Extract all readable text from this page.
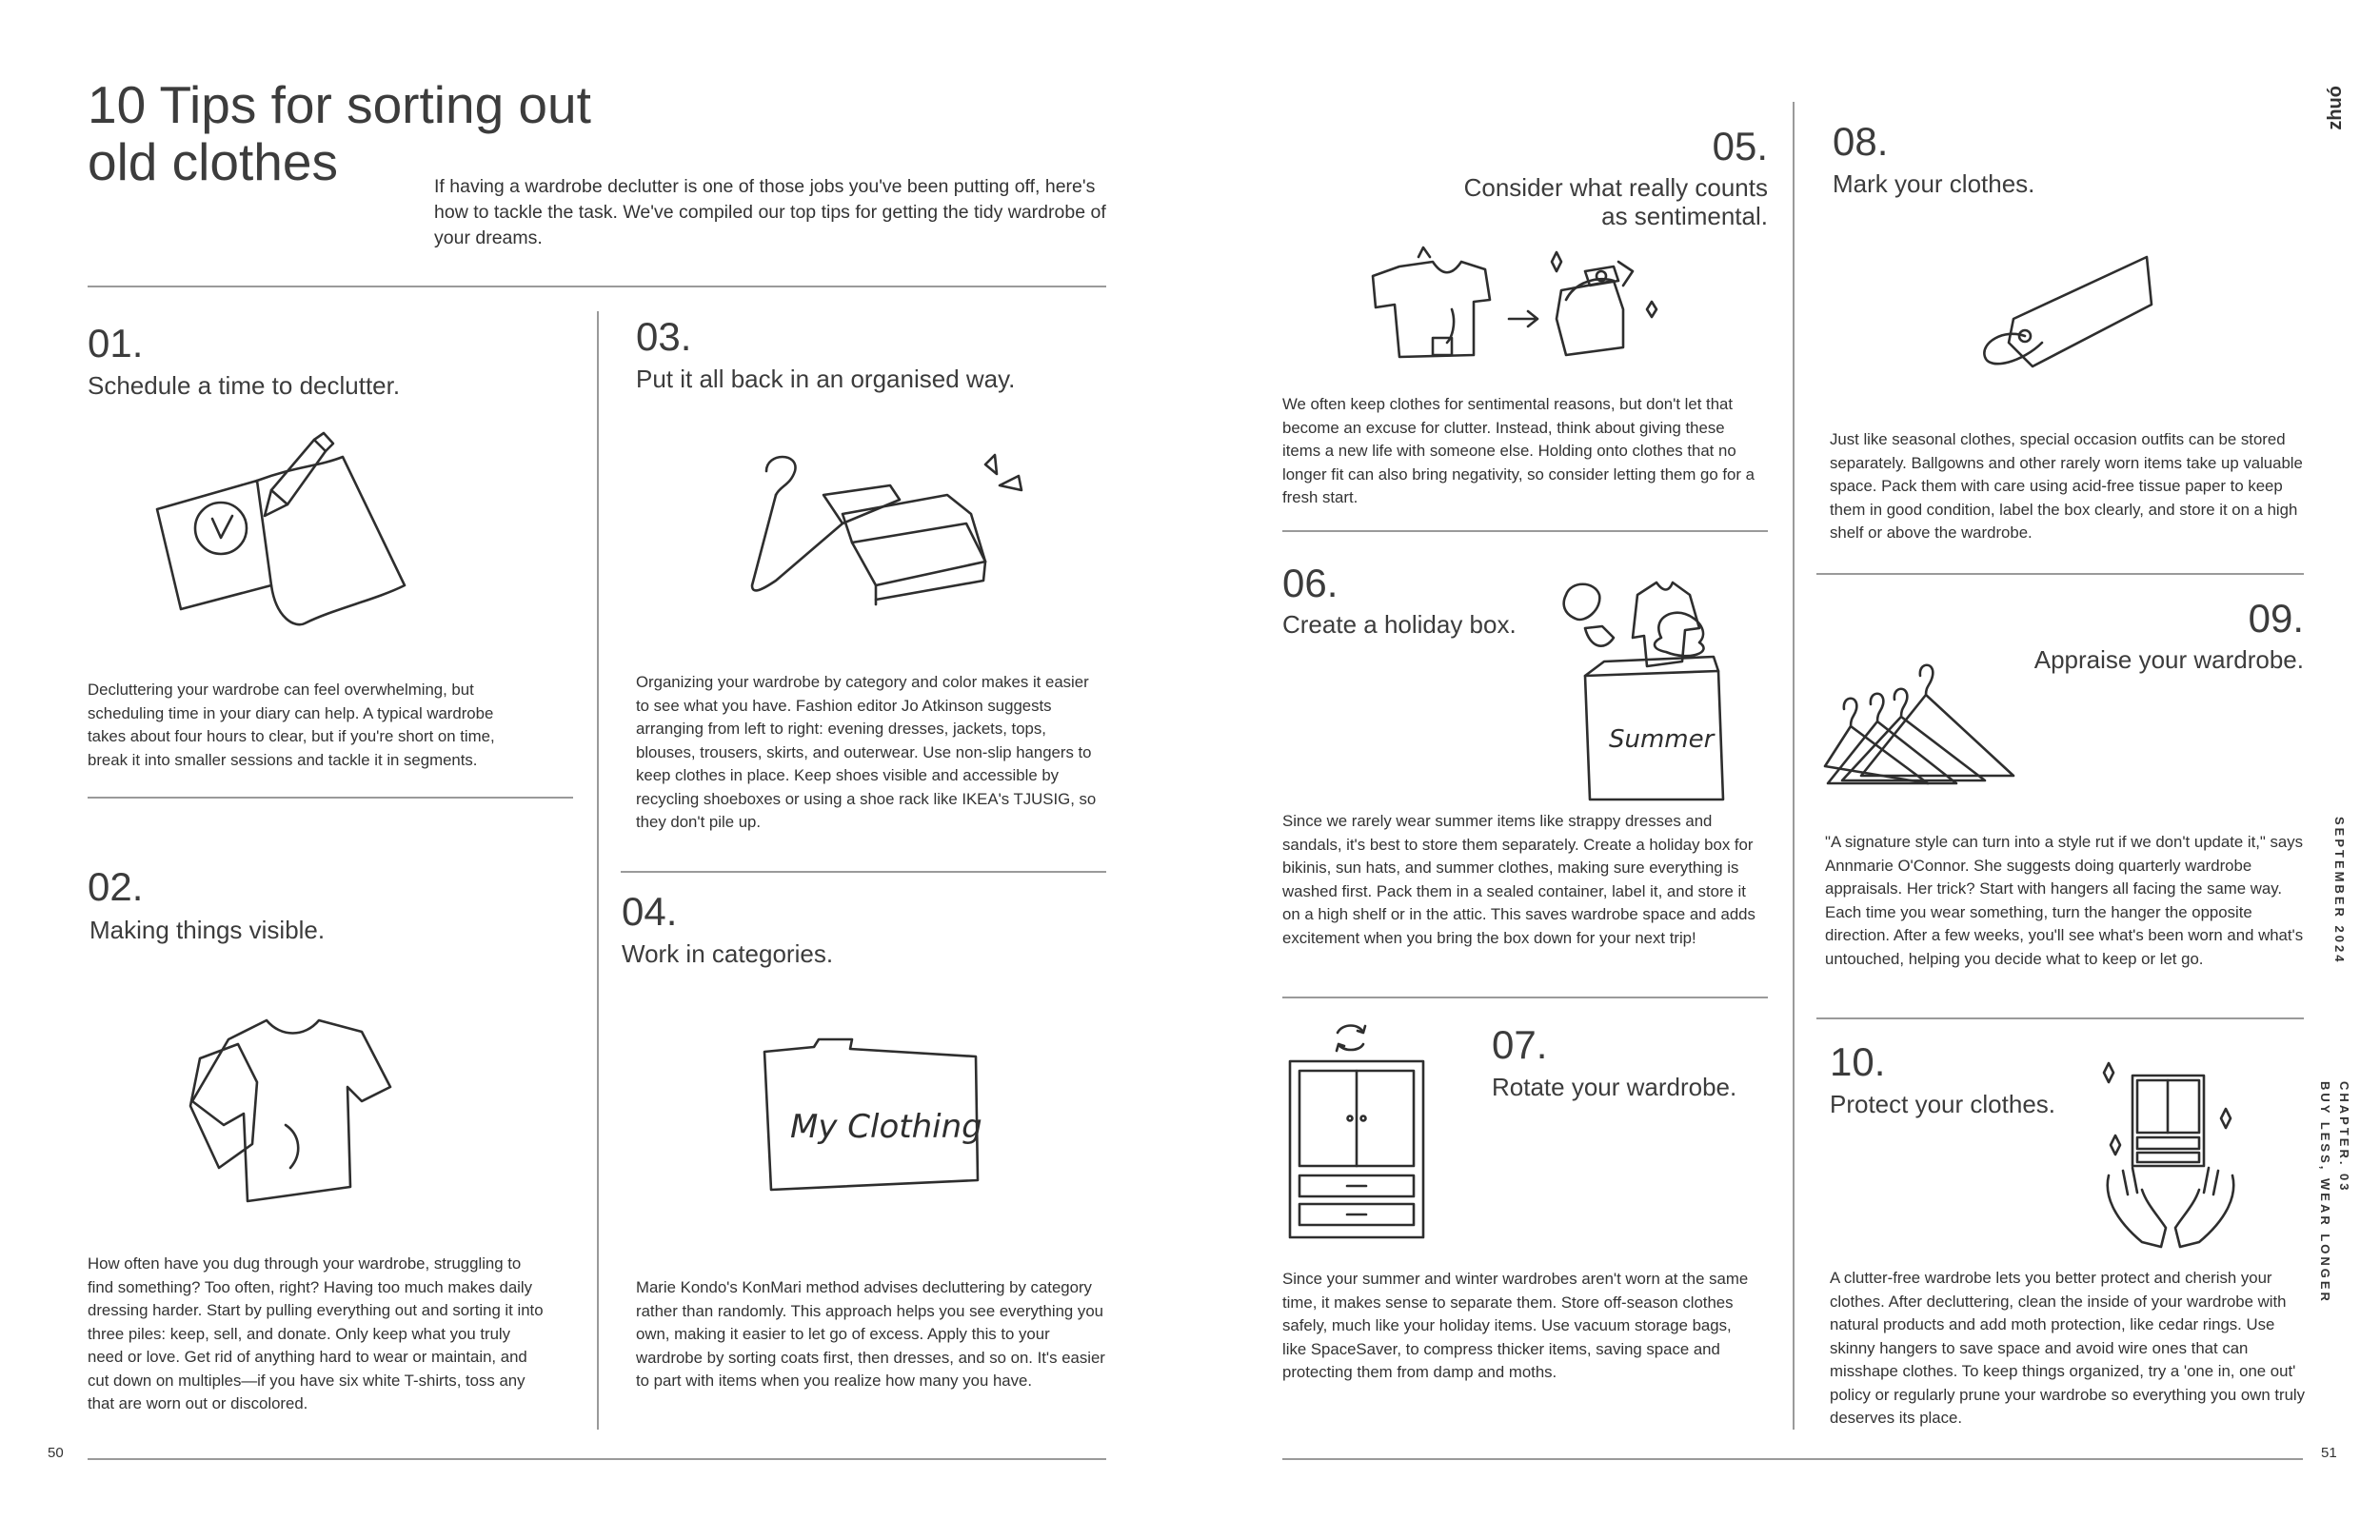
10 Tips for sorting out
old clothes	If having a wardrobe declutter is one of those jobs you've been putting off, here's how to tackle the task. We've compiled our top tips for getting the tidy wardrobe of your dreams.
01.
Schedule a time to declutter.
Decluttering your wardrobe can feel overwhelming, but scheduling time in your diary can help. A typical wardrobe takes about four hours to clear, but if you're short on time, break it into smaller sessions and tackle it in segments.
02.
Making things visible.
How often have you dug through your wardrobe, struggling to find something? Too often, right? Having too much makes daily dressing harder. Start by pulling everything out and sorting it into three piles: keep, sell, and donate. Only keep what you truly need or love. Get rid of anything hard to wear or maintain, and cut down on multiples—if you have six white T-shirts, toss any that are worn out or discolored.
03.
Put it all back in an organised way.
Organizing your wardrobe by category and color makes it easier to see what you have. Fashion editor Jo Atkinson suggests arranging from left to right: evening dresses, jackets, tops, blouses, trousers, skirts, and outerwear. Use non-slip hangers to keep clothes in place. Keep shoes visible and accessible by recycling shoeboxes or using a shoe rack like IKEA's TJUSIG, so they don't pile up.
04.
Work in categories.
My Clothing
Marie Kondo's KonMari method advises decluttering by category rather than randomly. This approach helps you see everything you own, making it easier to let go of excess. Apply this to your wardrobe by sorting coats first, then dresses, and so on. It's easier to part with items when you realize how many you have.
50
05.
Consider what really counts
as sentimental.
We often keep clothes for sentimental reasons, but don't let that become an excuse for clutter. Instead, think about giving these items a new life with someone else. Holding onto clothes that no longer fit can also bring negativity, so consider letting them go for a fresh start.
06.
Create a holiday box.
Summer
Since we rarely wear summer items like strappy dresses and sandals, it's best to store them separately. Create a holiday box for bikinis, sun hats, and summer clothes, making sure everything is washed first. Pack them in a sealed container, label it, and store it on a high shelf or in the attic. This saves wardrobe space and adds excitement when you bring the box down for your next trip!
07.
Rotate your wardrobe.
Since your summer and winter wardrobes aren't worn at the same time, it makes sense to separate them. Store off-season clothes safely, much like your holiday items. Use vacuum storage bags, like SpaceSaver, to compress thicker items, saving space and protecting them from damp and moths.
51
08.
Mark your clothes.
Just like seasonal clothes, special occasion outfits can be stored separately. Ballgowns and other rarely worn items take up valuable space. Pack them with care using acid-free tissue paper to keep them in good condition, label the box clearly, and store it on a high shelf or above the wardrobe.
09.
Appraise your wardrobe.
"A signature style can turn into a style rut if we don't update it," says Annmarie O'Connor. She suggests doing quarterly wardrobe appraisals. Her trick? Start with hangers all facing the same way. Each time you wear something, turn the hanger the opposite direction. After a few weeks, you'll see what's been worn and what's untouched, helping you decide what to keep or let go.
10.
Protect your clothes.
A clutter-free wardrobe lets you better protect and cherish your clothes. After decluttering, clean the inside of your wardrobe with natural products and add moth protection, like cedar rings. Use skinny hangers to save space and avoid wire ones that can misshape clothes. To keep things organized, try a 'one in, one out' policy or regularly prune your wardrobe so everything you own truly deserves its place.
zhuó
SEPTEMBER 2024
CHAPTER. 03
BUY LESS, WEAR LONGER
